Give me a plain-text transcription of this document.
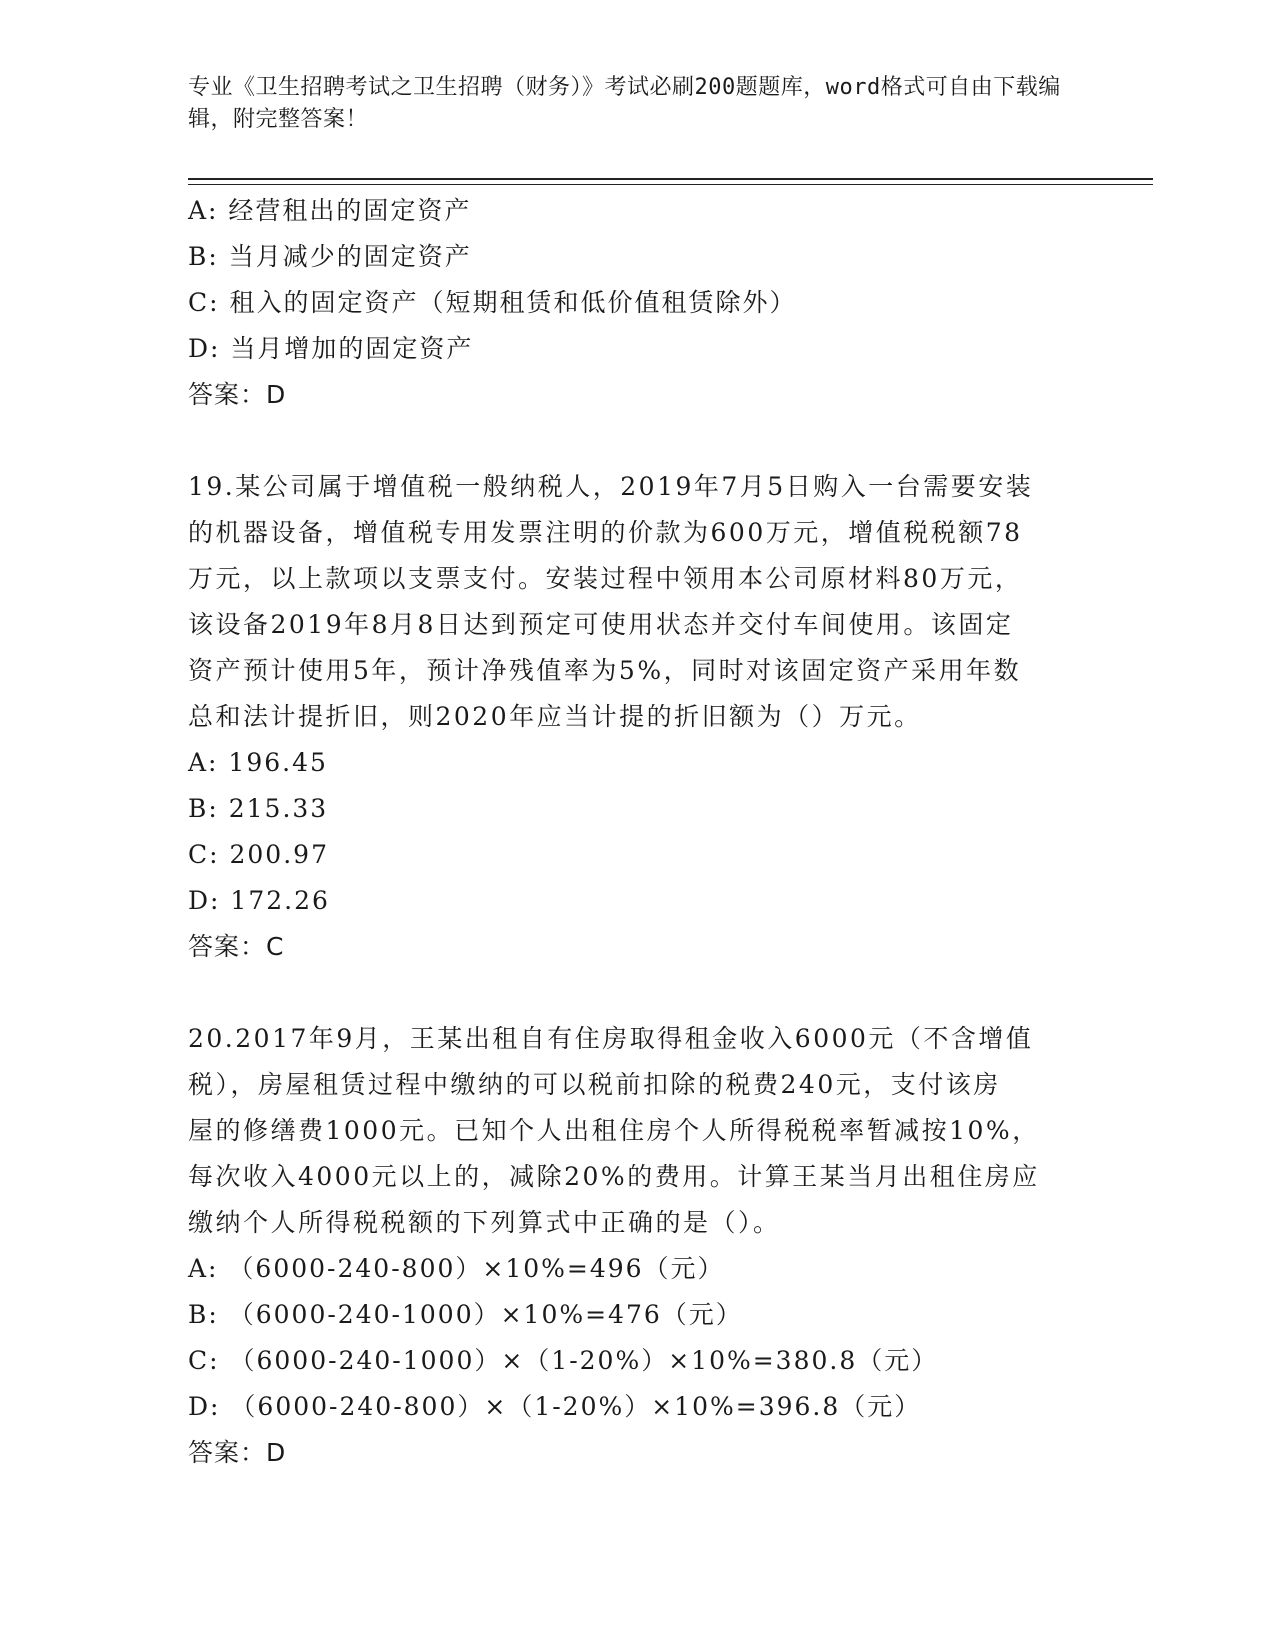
专业《卫生招聘考试之卫生招聘（财务）》考试必刷200题题库，word格式可自由下载编辑，附完整答案！
A: 经营租出的固定资产
B: 当月减少的固定资产
C: 租入的固定资产（短期租赁和低价值租赁除外）
D: 当月增加的固定资产
答案：D
19.某公司属于增值税一般纳税人，2019年7月5日购入一台需要安装
的机器设备，增值税专用发票注明的价款为600万元，增值税税额78
万元，以上款项以支票支付。安装过程中领用本公司原材料80万元，
该设备2019年8月8日达到预定可使用状态并交付车间使用。该固定
资产预计使用5年，预计净残值率为5%，同时对该固定资产采用年数
总和法计提折旧，则2020年应当计提的折旧额为（）万元。
A: 196.45
B: 215.33
C: 200.97
D: 172.26
答案：C
20.2017年9月，王某出租自有住房取得租金收入6000元（不含增值
税），房屋租赁过程中缴纳的可以税前扣除的税费240元，支付该房
屋的修缮费1000元。已知个人出租住房个人所得税税率暂减按10%，
每次收入4000元以上的，减除20%的费用。计算王某当月出租住房应
缴纳个人所得税税额的下列算式中正确的是（）。
A: （6000-240-800）×10%=496（元）
B: （6000-240-1000）×10%=476（元）
C: （6000-240-1000）×（1-20%）×10%=380.8（元）
D: （6000-240-800）×（1-20%）×10%=396.8（元）
答案：D
